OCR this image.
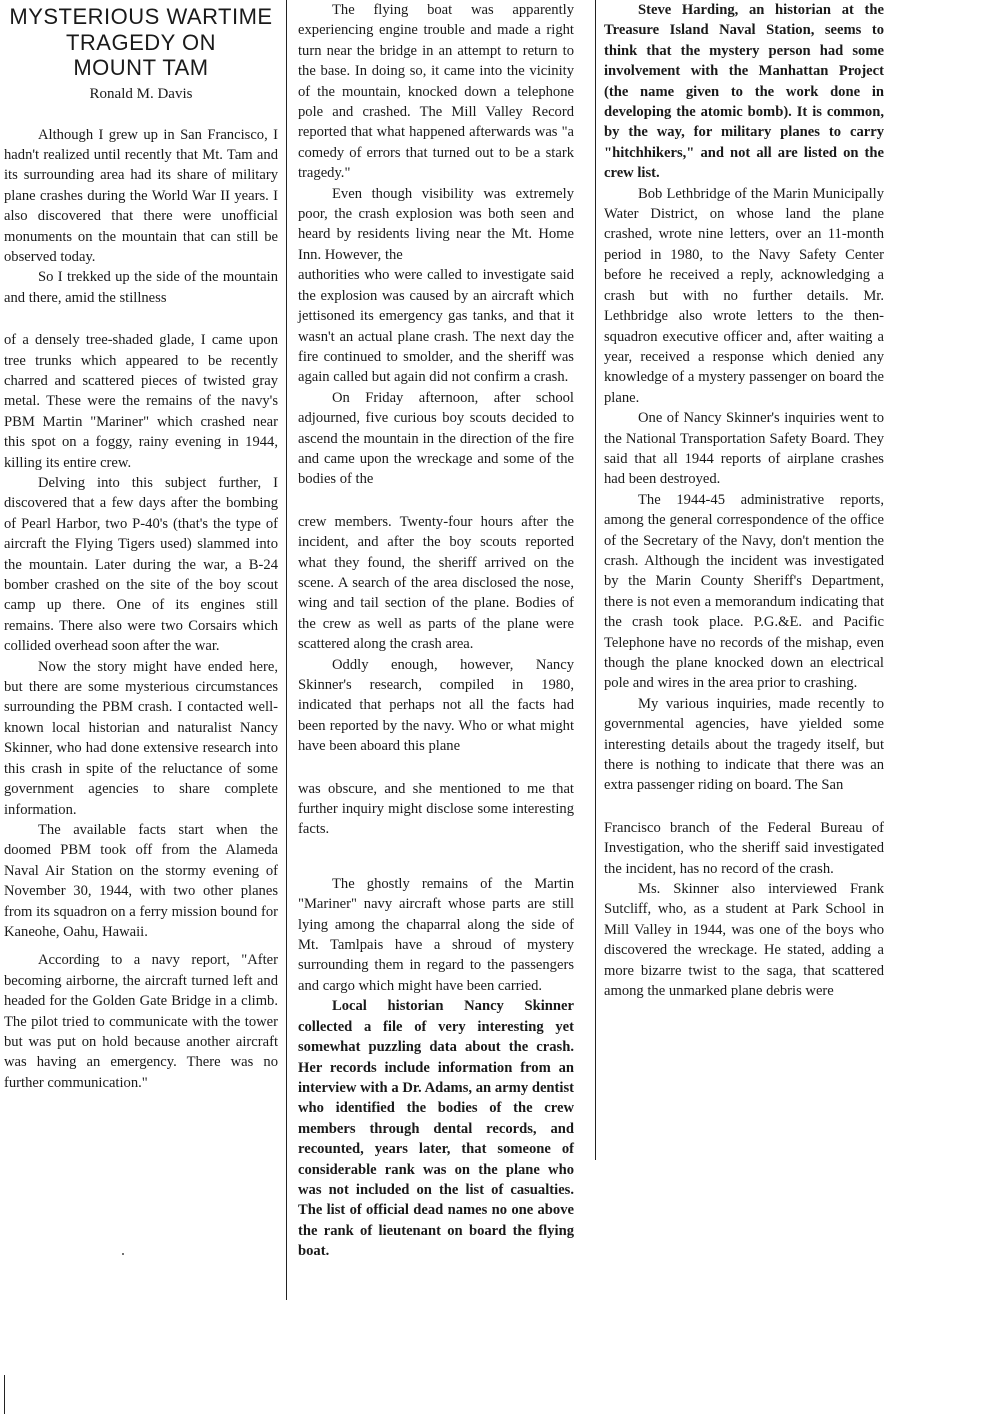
MYSTERIOUS WARTIME
TRAGEDY ON
MOUNT TAM
Ronald M. Davis

Although I grew up in San Francisco, I hadn't realized until recently that Mt. Tam and its surrounding area had its share of military plane crashes during the World War II years. I also discovered that there were unofficial monuments on the mountain that can still be observed today.

So I trekked up the side of the mountain and there, amid the stillness

of a densely tree-shaded glade, I came upon tree trunks which appeared to be recently charred and scattered pieces of twisted gray metal. These were the remains of the navy's PBM Martin "Mariner" which crashed near this spot on a foggy, rainy evening in 1944, killing its entire crew.

Delving into this subject further, I discovered that a few days after the bombing of Pearl Harbor, two P-40's (that's the type of aircraft the Flying Tigers used) slammed into the mountain. Later during the war, a B-24 bomber crashed on the site of the boy scout camp up there. One of its engines still remains. There also were two Corsairs which collided overhead soon after the war.

Now the story might have ended here, but there are some mysterious circumstances surrounding the PBM crash. I contacted well-known local historian and naturalist Nancy Skinner, who had done extensive research into this crash in spite of the reluctance of some government agencies to share complete information.

The available facts start when the doomed PBM took off from the Alameda Naval Air Station on the stormy evening of November 30, 1944, with two other planes from its squadron on a ferry mission bound for Kaneohe, Oahu, Hawaii.

According to a navy report, "After becoming airborne, the aircraft turned left and headed for the Golden Gate Bridge in a climb. The pilot tried to communicate with the tower but was put on hold because another aircraft was having an emergency. There was no further communication."

The flying boat was apparently experiencing engine trouble and made a right turn near the bridge in an attempt to return to the base. In doing so, it came into the vicinity of the mountain, knocked down a telephone pole and crashed. The Mill Valley Record reported that what happened afterwards was "a comedy of errors that turned out to be a stark tragedy."

Even though visibility was extremely poor, the crash explosion was both seen and heard by residents living near the Mt. Home Inn. However, the

authorities who were called to investigate said the explosion was caused by an aircraft which jettisoned its emergency gas tanks, and that it wasn't an actual plane crash. The next day the fire continued to smolder, and the sheriff was again called but again did not confirm a crash.

On Friday afternoon, after school adjourned, five curious boy scouts decided to ascend the mountain in the direction of the fire and came upon the wreckage and some of the bodies of the

crew members. Twenty-four hours after the incident, and after the boy scouts reported what they found, the sheriff arrived on the scene. A search of the area disclosed the nose, wing and tail section of the plane. Bodies of the crew as well as parts of the plane were scattered along the crash area.

Oddly enough, however, Nancy Skinner's research, compiled in 1980, indicated that perhaps not all the facts had been reported by the navy. Who or what might have been aboard this plane

was obscure, and she mentioned to me that further inquiry might disclose some interesting facts.

The ghostly remains of the Martin "Mariner" navy aircraft whose parts are still lying among the chaparral along the side of Mt. Tamlpais have a shroud of mystery surrounding them in regard to the passengers and cargo which might have been carried.

Local historian Nancy Skinner collected a file of very interesting yet somewhat puzzling data about the crash. Her records include information from an interview with a Dr. Adams, an army dentist who identified the bodies of the crew members through dental records, and recounted, years later, that someone of considerable rank was on the plane who was not included on the list of casualties. The list of official dead names no one above the rank of lieutenant on board the flying boat.

Steve Harding, an historian at the Treasure Island Naval Station, seems to think that the mystery person had some involvement with the Manhattan Project (the name given to the work done in developing the atomic bomb). It is common, by the way, for military planes to carry "hitchhikers," and not all are listed on the crew list.

Bob Lethbridge of the Marin Municipally Water District, on whose land the plane crashed, wrote nine letters, over an 11-month period in 1980, to the Navy Safety Center before he received a reply, acknowledging a crash but with no further details. Mr. Lethbridge also wrote letters to the then-squadron executive officer and, after waiting a year, received a response which denied any knowledge of a mystery passenger on board the plane.

One of Nancy Skinner's inquiries went to the National Transportation Safety Board. They said that all 1944 reports of airplane crashes had been destroyed.

The 1944-45 administrative reports, among the general correspondence of the office of the Secretary of the Navy, don't mention the crash. Although the incident was investigated by the Marin County Sheriff's Department, there is not even a memorandum indicating that the crash took place. P.G.&E. and Pacific Telephone have no records of the mishap, even though the plane knocked down an electrical pole and wires in the area prior to crashing.

My various inquiries, made recently to governmental agencies, have yielded some interesting details about the tragedy itself, but there is nothing to indicate that there was an extra passenger riding on board. The San

Francisco branch of the Federal Bureau of Investigation, who the sheriff said investigated the incident, has no record of the crash.

Ms. Skinner also interviewed Frank Sutcliff, who, as a student at Park School in Mill Valley in 1944, was one of the boys who discovered the wreckage. He stated, adding a more bizarre twist to the saga, that scattered among the unmarked plane debris were
